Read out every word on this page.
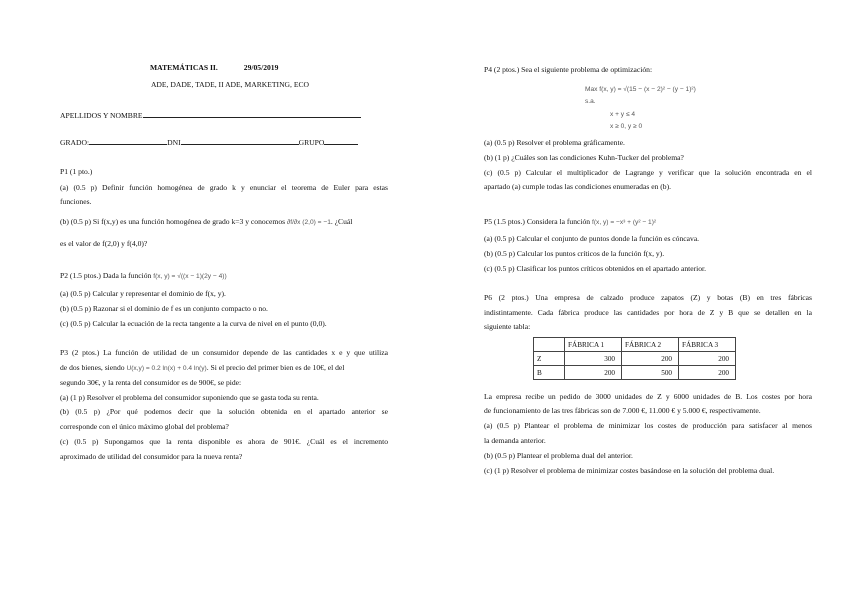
MATEMÁTICAS II.	29/05/2019
ADE, DADE, TADE, II ADE, MARKETING, ECO
APELLIDOS Y NOMBRE
GRADO:	DNI	GRUPO
P1 (1 pto.)
(a) (0.5 p) Definir función homogénea de grado k y enunciar el teorema de Euler para estas
funciones.
(b) (0.5 p) Si f(x,y) es una función homogénea de grado k=3 y conocemos ∂f/∂x (2,0) = −1. ¿Cuál
es el valor de f(2,0) y f(4,0)?
P2 (1.5 ptos.) Dada la función f(x, y) = √((x − 1)(2y − 4))
(a) (0.5 p) Calcular y representar el dominio de f(x, y).
(b) (0.5 p) Razonar si el dominio de f es un conjunto compacto o no.
(c) (0.5 p) Calcular la ecuación de la recta tangente a la curva de nivel en el punto (0,0).
P3 (2 ptos.) La función de utilidad de un consumidor depende de las cantidades x e y que utiliza
de dos bienes, siendo U(x,y) = 0.2 ln(x) + 0.4 ln(y). Si el precio del primer bien es de 10€, el del
segundo 30€, y la renta del consumidor es de 900€, se pide:
(a) (1 p) Resolver el problema del consumidor suponiendo que se gasta toda su renta.
(b) (0.5 p) ¿Por qué podemos decir que la solución obtenida en el apartado anterior se
corresponde con el único máximo global del problema?
(c) (0.5 p) Supongamos que la renta disponible es ahora de 901€. ¿Cuál es el incremento
aproximado de utilidad del consumidor para la nueva renta?
P4 (2 ptos.) Sea el siguiente problema de optimización:
Max f(x, y) = √(15 − (x − 2)² − (y − 1)²)
s.a.
x + y ≤ 4
x ≥ 0, y ≥ 0
(a) (0.5 p) Resolver el problema gráficamente.
(b) (1 p) ¿Cuáles son las condiciones Kuhn-Tucker del problema?
(c) (0.5 p) Calcular el multiplicador de Lagrange y verificar que la solución encontrada en el
apartado (a) cumple todas las condiciones enumeradas en (b).
P5 (1.5 ptos.) Considera la función f(x, y) = −x³ + (y² − 1)²
(a) (0.5 p) Calcular el conjunto de puntos donde la función es cóncava.
(b) (0.5 p) Calcular los puntos críticos de la función f(x, y).
(c) (0.5 p) Clasificar los puntos críticos obtenidos en el apartado anterior.
P6 (2 ptos.) Una empresa de calzado produce zapatos (Z) y botas (B) en tres fábricas
indistintamente. Cada fábrica produce las cantidades por hora de Z y B que se detallen en la
siguiente tabla:
	FÁBRICA 1	FÁBRICA 2	FÁBRICA 3
Z	300	200	200
B	200	500	200
La empresa recibe un pedido de 3000 unidades de Z y 6000 unidades de B. Los costes por hora
de funcionamiento de las tres fábricas son de 7.000 €, 11.000 € y 5.000 €, respectivamente.
(a) (0.5 p) Plantear el problema de minimizar los costes de producción para satisfacer al menos
la demanda anterior.
(b) (0.5 p) Plantear el problema dual del anterior.
(c) (1 p) Resolver el problema de minimizar costes basándose en la solución del problema dual.
